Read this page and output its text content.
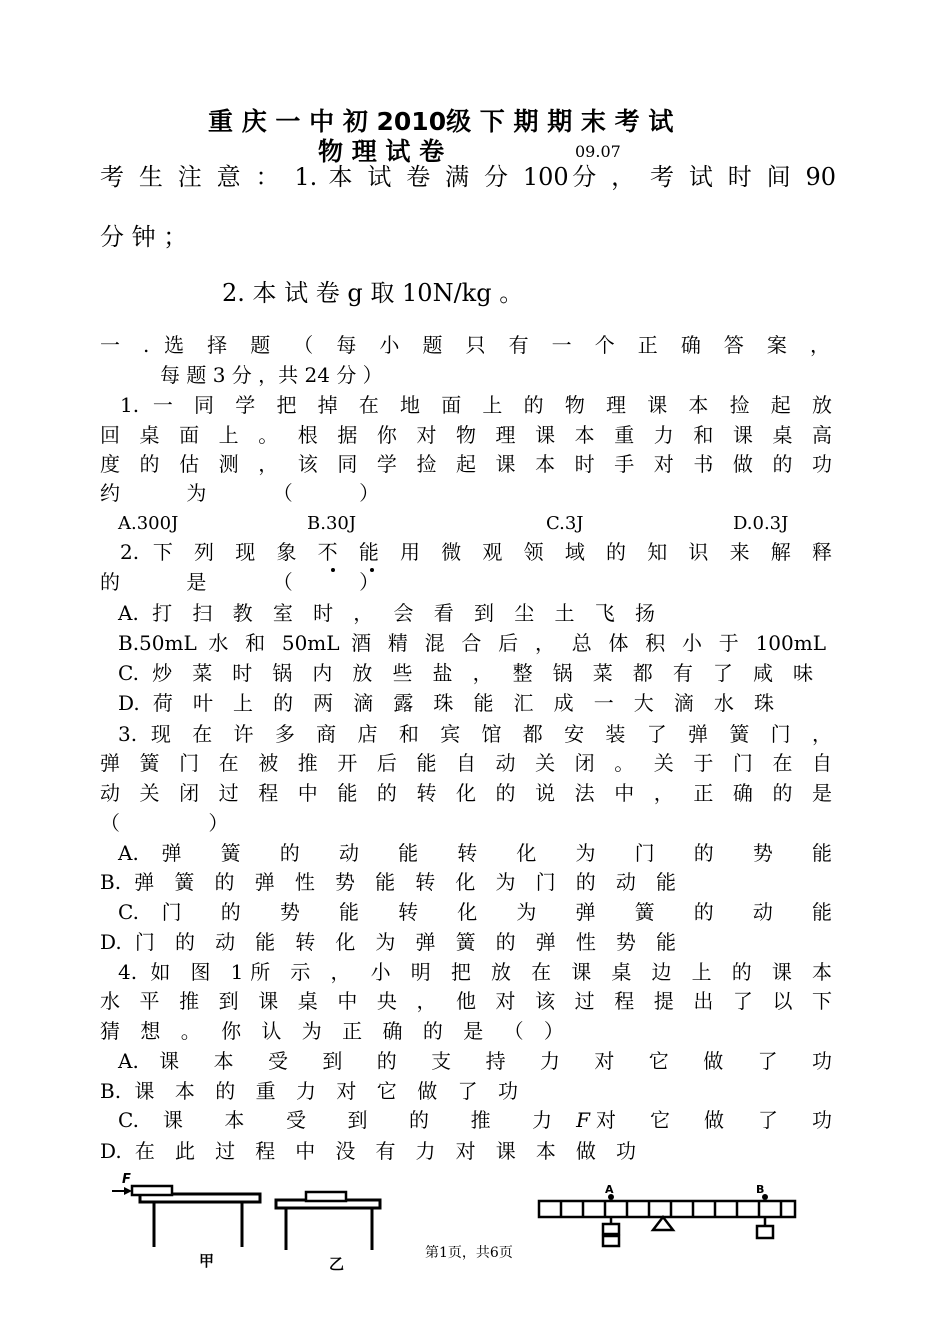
重 庆 一 中 初 2010级 下 期 期 末 考 试
物 理 试 卷	09.07
考 生 注 意 ： 1. 本 试 卷 满 分 100分 ， 考 试 时 间 90
分 钟 ；
2. 本 试 卷 g 取 10N/kg 。
一 . 选 择 题 （ 每 小 题 只 有 一 个 正 确 答 案 ，
每 题 3 分 ，共 24 分 ）
1. 一 同 学 把 掉 在 地 面 上 的 物 理 课 本 捡 起 放
回 桌 面 上 。 根 据 你 对 物 理 课 本 重 力 和 课 桌 高
度 的 估 测 ， 该 同 学 捡 起 课 本 时 手 对 书 做 的 功
约 为 （ ）
A.300J	B.30J	C.3J	D.0.3J
2. 下 列 现 象 不 能 用 微 观 领 域 的 知 识 来 解 释
的 是 （ ）
A. 打 扫 教 室 时 ， 会 看 到 尘 土 飞 扬
B.50mL 水 和 50mL 酒 精 混 合 后 ， 总 体 积 小 于 100mL
C. 炒 菜 时 锅 内 放 些 盐 ， 整 锅 菜 都 有 了 咸 味
D. 荷 叶 上 的 两 滴 露 珠 能 汇 成 一 大 滴 水 珠
3. 现 在 许 多 商 店 和 宾 馆 都 安 装 了 弹 簧 门 ，
弹 簧 门 在 被 推 开 后 能 自 动 关 闭 。 关 于 门 在 自
动 关 闭 过 程 中 能 的 转 化 的 说 法 中 ， 正 确 的 是
（ ）
A. 弹 簧 的 动 能 转 化 为 门 的 势 能
B. 弹 簧 的 弹 性 势 能 转 化 为 门 的 动 能
C. 门 的 势 能 转 化 为 弹 簧 的 动 能
D. 门 的 动 能 转 化 为 弹 簧 的 弹 性 势 能
4. 如 图 1所 示 ， 小 明 把 放 在 课 桌 边 上 的 课 本
水 平 推 到 课 桌 中 央 ， 他 对 该 过 程 提 出 了 以 下
猜 想 。 你 认 为 正 确 的 是 （ ）
A. 课 本 受 到 的 支 持 力 对 它 做 了 功
B. 课 本 的 重 力 对 它 做 了 功
C. 课 本 受 到 的 推 力 F 对 它 做 了 功
D. 在 此 过 程 中 没 有 力 对 课 本 做 功
F
甲	乙
A	B
第1页，共6页
